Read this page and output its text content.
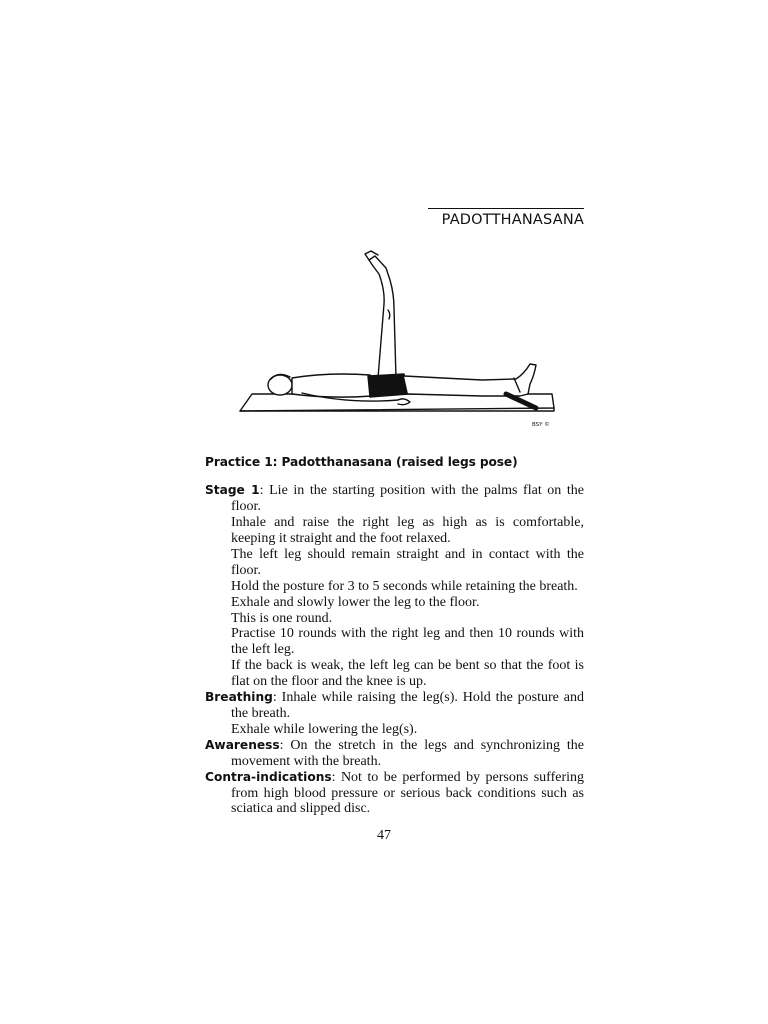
PADOTTHANASANA
BSY ©

Practice 1: Padotthanasana (raised legs pose)

Stage 1: Lie in the starting position with the palms flat on the floor.

Inhale and raise the right leg as high as is comfortable, keeping it straight and the foot relaxed.

The left leg should remain straight and in contact with the floor.

Hold the posture for 3 to 5 seconds while retaining the breath.

Exhale and slowly lower the leg to the floor.

This is one round.

Practise 10 rounds with the right leg and then 10 rounds with the left leg.

If the back is weak, the left leg can be bent so that the foot is flat on the floor and the knee is up.

Breathing: Inhale while raising the leg(s). Hold the posture and the breath.

Exhale while lowering the leg(s).

Awareness: On the stretch in the legs and synchronizing the movement with the breath.

Contra-indications: Not to be performed by persons suffering from high blood pressure or serious back conditions such as sciatica and slipped disc.

47
